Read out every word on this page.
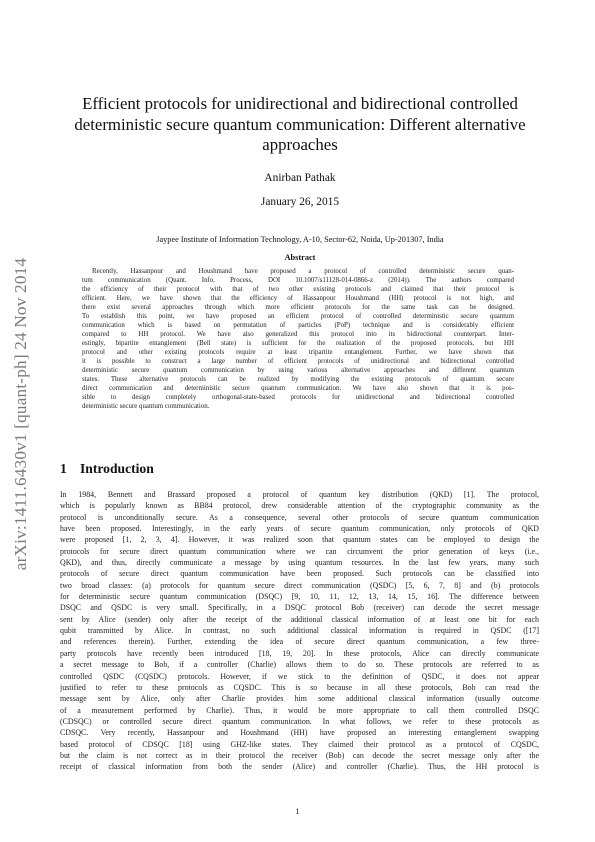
arXiv:1411.6430v1 [quant-ph] 24 Nov 2014
Efficient protocols for unidirectional and bidirectional controlled
deterministic secure quantum communication: Different alternative
approaches
Anirban Pathak
January 26, 2015
Jaypee Institute of Information Technology, A-10, Sector-62, Noida, Up-201307, India
Abstract
Recently, Hassanpour and Houshmand have proposed a protocol of controlled deterministic secure quan-
tum communication (Quant. Info. Process, DOI 10.1007/s11128-014-0866-z (2014)). The authors compared
the efficiency of their protocol with that of two other existing protocols and claimed that their protocol is
efficient. Here, we have shown that the efficiency of Hassanpour Houshmand (HH) protocol is not high, and
there exist several approaches through which more efficient protocols for the same task can be designed.
To establish this point, we have proposed an efficient protocol of controlled deterministic secure quantum
communication which is based on permutation of particles (PoP) technique and is considerably efficient
compared to HH protocol. We have also generalized this protocol into its bidirectional counterpart. Inter-
estingly, bipartite entanglement (Bell state) is sufficient for the realization of the proposed protocols, but HH
protocol and other existing protocols require at least tripartite entanglement. Further, we have shown that
it is possible to construct a large number of efficient protocols of unidirectional and bidirectional controlled
deterministic secure quantum communication by using various alternative approaches and different quantum
states. These alternative protocols can be realized by modifying the existing protocols of quantum secure
direct communication and deterministic secure quantum communication. We have also shown that it is pos-
sible to design completely orthogonal-state-based protocols for unidirectional and bidirectional controlled
deterministic secure quantum communication.
1 Introduction
In 1984, Bennett and Brassard proposed a protocol of quantum key distribution (QKD) [1]. The protocol,
which is popularly known as BB84 protocol, drew considerable attention of the cryptographic community as the
protocol is unconditionally secure. As a consequence, several other protocols of secure quantum communication
have been proposed. Interestingly, in the early years of secure quantum communication, only protocols of QKD
were proposed [1, 2, 3, 4]. However, it was realized soon that quantum states can be employed to design the
protocols for secure direct quantum communication where we can circumvent the prior generation of keys (i.e.,
QKD), and thus, directly communicate a message by using quantum resources. In the last few years, many such
protocols of secure direct quantum communication have been proposed. Such protocols can be classified into
two broad classes: (a) protocols for quantum secure direct communication (QSDC) [5, 6, 7, 8] and (b) protocols
for deterministic secure quantum communication (DSQC) [9, 10, 11, 12, 13, 14, 15, 16]. The difference between
DSQC and QSDC is very small. Specifically, in a DSQC protocol Bob (receiver) can decode the secret message
sent by Alice (sender) only after the receipt of the additional classical information of at least one bit for each
qubit transmitted by Alice. In contrast, no such additional classical information is required in QSDC ([17]
and references therein). Further, extending the idea of secure direct quantum communication, a few three-
party protocols have recently been introduced [18, 19, 20]. In these protocols, Alice can directly communicate
a secret message to Bob, if a controller (Charlie) allows them to do so. These protocols are referred to as
controlled QSDC (CQSDC) protocols. However, if we stick to the definition of QSDC, it does not appear
justified to refer to these protocols as CQSDC. This is so because in all these protocols, Bob can read the
message sent by Alice, only after Charlie provides him some additional classical information (usually outcome
of a measurement performed by Charlie). Thus, it would be more appropriate to call them controlled DSQC
(CDSQC) or controlled secure direct quantum communication. In what follows, we refer to these protocols as
CDSQC. Very recently, Hassanpour and Houshmand (HH) have proposed an interesting entanglement swapping
based protocol of CDSQC [18] using GHZ-like states. They claimed their protocol as a protocol of CQSDC,
but the claim is not correct as in their protocol the receiver (Bob) can decode the secret message only after the
receipt of classical information from both the sender (Alice) and controller (Charlie). Thus, the HH protocol is
1
